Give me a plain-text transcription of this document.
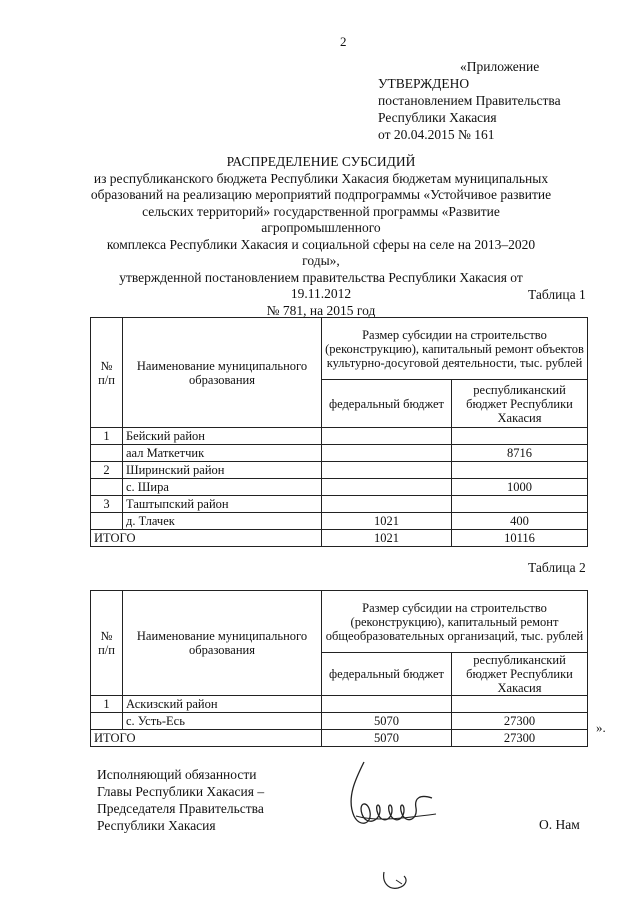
2
«Приложение
УТВЕРЖДЕНО
постановлением Правительства
Республики Хакасия
от 20.04.2015 № 161
РАСПРЕДЕЛЕНИЕ СУБСИДИЙ
из республиканского бюджета Республики Хакасия бюджетам муниципальных
образований на реализацию мероприятий подпрограммы «Устойчивое развитие
сельских территорий» государственной программы «Развитие агропромышленного
комплекса Республики Хакасия и социальной сферы на селе на 2013–2020 годы»,
утвержденной постановлением правительства Республики Хакасия от 19.11.2012
№ 781, на 2015 год
Таблица 1
№ п/п	Наименование муниципального образования	Размер субсидии на строительство (реконструкцию), капитальный ремонт объектов культурно-досуговой деятельности, тыс. рублей	
		федеральный бюджет	республиканский бюджет Республики Хакасия
1	Бейский район		
	аал Маткетчик		8716
2	Ширинский район		
	с. Шира		1000
3	Таштыпский район		
	д. Тлачек	1021	400
ИТОГО		1021	10116
Таблица 2
№ п/п	Наименование муниципального образования	Размер субсидии на строительство (реконструкцию), капитальный ремонт общеобразовательных организаций, тыс. рублей	
		федеральный бюджет	республиканский бюджет Республики Хакасия
1	Аскизский район		
	с. Усть-Есь	5070	27300
ИТОГО		5070	27300
».
Исполняющий обязанности
Главы Республики Хакасия –
Председателя Правительства
Республики Хакасия	О. Нам
